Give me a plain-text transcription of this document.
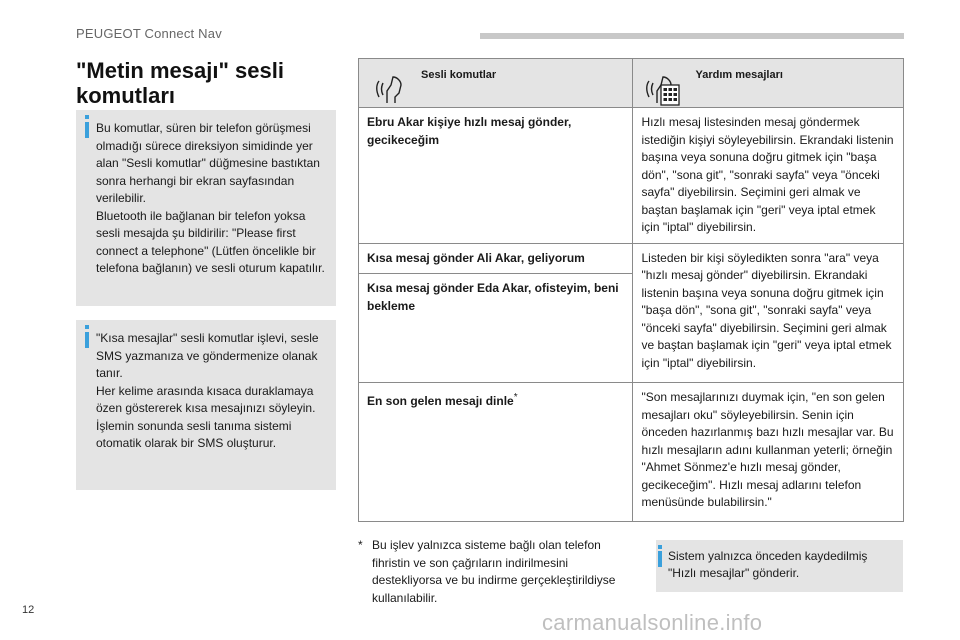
PEUGEOT Connect Nav
"Metin mesajı" sesli komutları

Bu komutlar, süren bir telefon görüşmesi olmadığı sürece direksiyon simidinde yer alan "Sesli komutlar" düğmesine bastıktan sonra herhangi bir ekran sayfasından verilebilir.
Bluetooth ile bağlanan bir telefon yoksa sesli mesajda şu bildirilir: "Please first connect a telephone" (Lütfen öncelikle bir telefona bağlanın) ve sesli oturum kapatılır.

"Kısa mesajlar" sesli komutlar işlevi, sesle SMS yazmanıza ve göndermenize olanak tanır.
Her kelime arasında kısaca duraklamaya özen göstererek kısa mesajınızı söyleyin.
İşlemin sonunda sesli tanıma sistemi otomatik olarak bir SMS oluşturur.

Sesli komutlar	Yardım mesajları

Ebru Akar kişiye hızlı mesaj gönder, gecikeceğim	Hızlı mesaj listesinden mesaj göndermek istediğin kişiyi söyleyebilirsin. Ekrandaki listenin başına veya sonuna doğru gitmek için "başa dön", "sona git", "sonraki sayfa" veya "önceki sayfa" diyebilirsin. Seçimini geri almak ve baştan başlamak için "geri" veya iptal etmek için "iptal" diyebilirsin.

Kısa mesaj gönder Ali Akar, geliyorum	Listeden bir kişi söyledikten sonra "ara" veya "hızlı mesaj gönder" diyebilirsin. Ekrandaki listenin başına veya sonuna doğru gitmek için "başa dön", "sona git", "sonraki sayfa" veya "önceki sayfa" diyebilirsin. Seçimini geri almak ve baştan başlamak için "geri" veya iptal etmek için "iptal" diyebilirsin.

Kısa mesaj gönder Eda Akar, ofisteyim, beni bekleme	

En son gelen mesajı dinle*	"Son mesajlarınızı duymak için, "en son gelen mesajları oku" söyleyebilirsin. Senin için önceden hazırlanmış bazı hızlı mesajlar var. Bu hızlı mesajların adını kullanman yeterli; örneğin "Ahmet Sönmez'e hızlı mesaj gönder, gecikeceğim". Hızlı mesaj adlarını telefon menüsünde bulabilirsin."

* Bu işlev yalnızca sisteme bağlı olan telefon fihristin ve son çağrıların indirilmesini destekliyorsa ve bu indirme gerçekleştirildiyse kullanılabilir.

Sistem yalnızca önceden kaydedilmiş "Hızlı mesajlar" gönderir.

12	carmanualsonline.info
